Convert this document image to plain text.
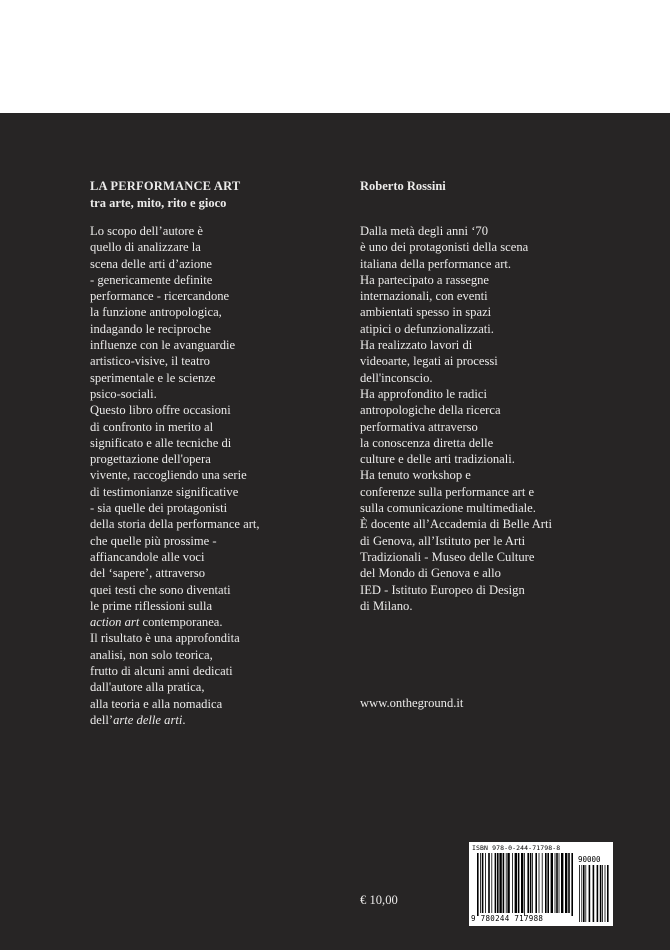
LA PERFORMANCE ART
tra arte, mito, rito e gioco
Roberto Rossini
Lo scopo dell’autore è
quello di analizzare la
scena delle arti d’azione
- genericamente definite
performance - ricercandone
la funzione antropologica,
indagando le reciproche
influenze con le avanguardie
artistico-visive, il teatro
sperimentale e le scienze
psico-sociali.
Questo libro offre occasioni
di confronto in merito al
significato e alle tecniche di
progettazione dell'opera
vivente, raccogliendo una serie
di testimonianze significative
- sia quelle dei protagonisti
della storia della performance art,
che quelle più prossime -
affiancandole alle voci
del ‘sapere’, attraverso
quei testi che sono diventati
le prime riflessioni sulla
action art contemporanea.
Il risultato è una approfondita
analisi, non solo teorica,
frutto di alcuni anni dedicati
dall'autore alla pratica,
alla teoria e alla nomadica
dell’arte delle arti.
Dalla metà degli anni ‘70
è uno dei protagonisti della scena
italiana della performance art.
Ha partecipato a rassegne
internazionali, con eventi
ambientati spesso in spazi
atipici o defunzionalizzati.
Ha realizzato lavori di
videoarte, legati ai processi
dell'inconscio.
Ha approfondito le radici
antropologiche della ricerca
performativa attraverso
la conoscenza diretta delle
culture e delle arti tradizionali.
Ha tenuto workshop e
conferenze sulla performance art e
sulla comunicazione multimediale.
È docente all’Accademia di Belle Arti
di Genova, all’Istituto per le Arti
Tradizionali - Museo delle Culture
del Mondo di Genova e allo
IED - Istituto Europeo di Design
di Milano.
www.ontheground.it
€ 10,00
ISBN 978-0-244-71798-8
90000
9 780244 717988
